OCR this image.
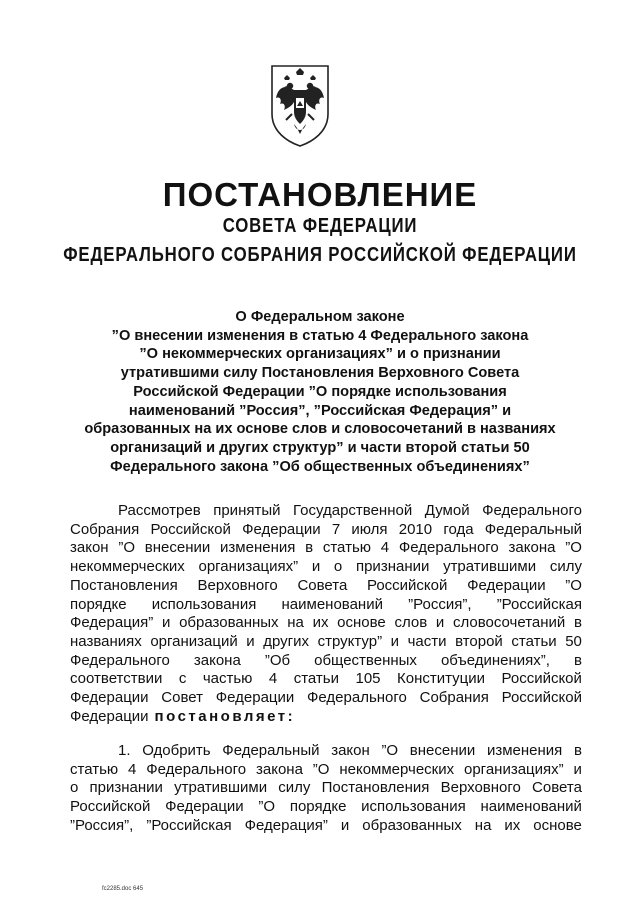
ПОСТАНОВЛЕНИЕ
СОВЕТА ФЕДЕРАЦИИ
ФЕДЕРАЛЬНОГО СОБРАНИЯ РОССИЙСКОЙ ФЕДЕРАЦИИ
О Федеральном законе
”О внесении изменения в статью 4 Федерального закона
”О некоммерческих организациях” и о признании
утратившими силу Постановления Верховного Совета
Российской Федерации ”О порядке использования
наименований ”Россия”, ”Российская Федерация” и
образованных на их основе слов и словосочетаний в названиях
организаций и других структур” и части второй статьи 50
Федерального закона ”Об общественных объединениях”
Рассмотрев принятый Государственной Думой Федерального
Собрания Российской Федерации 7 июля 2010 года Федеральный
закон ”О внесении изменения в статью 4 Федерального закона ”О
некоммерческих организациях” и о признании утратившими силу
Постановления Верховного Совета Российской Федерации ”О
порядке использования наименований ”Россия”, ”Российская
Федерация” и образованных на их основе слов и словосочетаний в
названиях организаций и других структур” и части второй статьи 50
Федерального закона ”Об общественных объединениях”, в
соответствии с частью 4 статьи 105 Конституции Российской
Федерации Совет Федерации Федерального Собрания Российской
Федерации постановляет:
1. Одобрить Федеральный закон ”О внесении изменения в
статью 4 Федерального закона ”О некоммерческих организациях” и
о признании утратившими силу Постановления Верховного Совета
Российской Федерации ”О порядке использования наименований
”Россия”, ”Российская Федерация” и образованных на их основе
fc2285.doc 645
